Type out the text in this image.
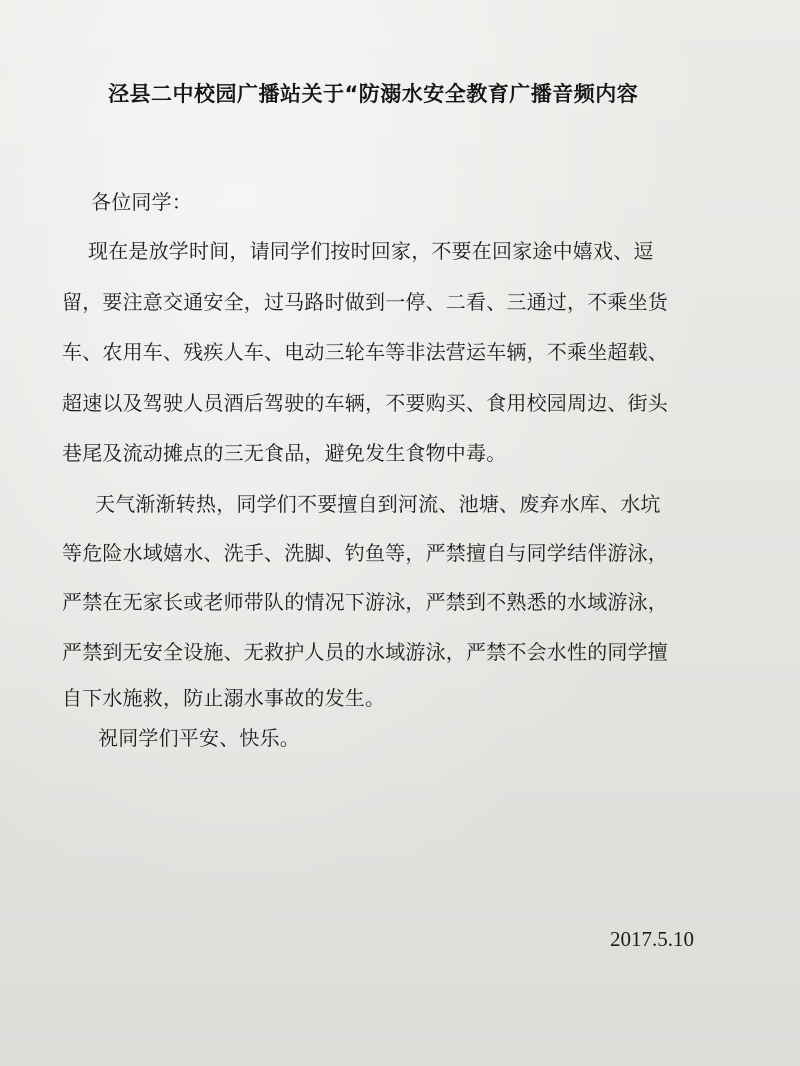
泾县二中校园广播站关于“防溺水安全教育广播音频内容
各位同学：
现在是放学时间，请同学们按时回家，不要在回家途中嬉戏、逗
留，要注意交通安全，过马路时做到一停、二看、三通过，不乘坐货
车、农用车、残疾人车、电动三轮车等非法营运车辆，不乘坐超载、
超速以及驾驶人员酒后驾驶的车辆，不要购买、食用校园周边、街头
巷尾及流动摊点的三无食品，避免发生食物中毒。
天气渐渐转热，同学们不要擅自到河流、池塘、废弃水库、水坑
等危险水域嬉水、洗手、洗脚、钓鱼等，严禁擅自与同学结伴游泳，
严禁在无家长或老师带队的情况下游泳，严禁到不熟悉的水域游泳，
严禁到无安全设施、无救护人员的水域游泳，严禁不会水性的同学擅
自下水施救，防止溺水事故的发生。
祝同学们平安、快乐。
2017.5.10
